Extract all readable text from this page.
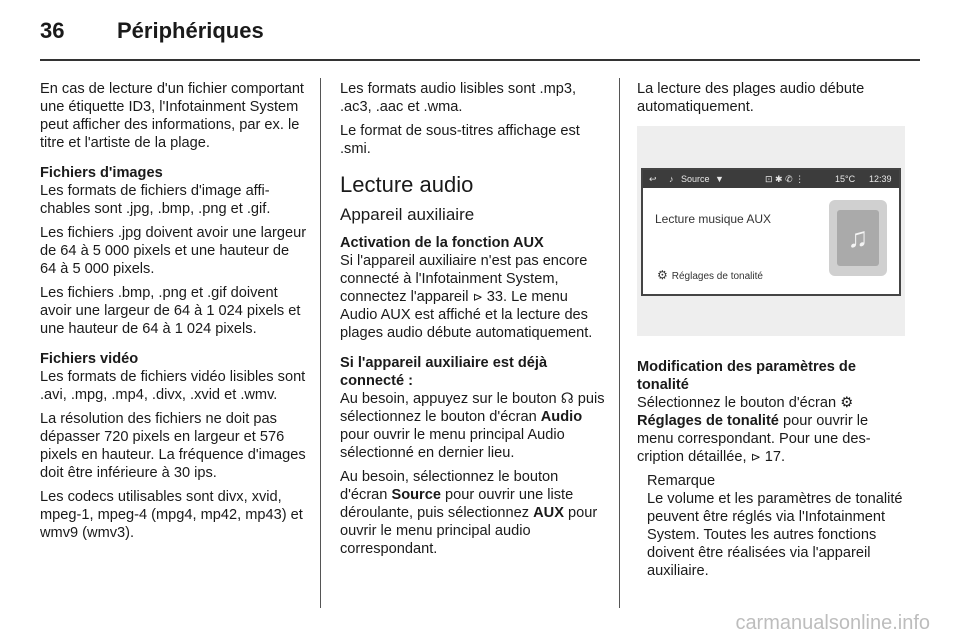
36 Périphériques

En cas de lecture d'un fichier comportant une étiquette ID3, l'Infotainment System peut afficher des informations, par ex. le titre et l'artiste de la plage.

Fichiers d'images

Les formats de fichiers d'image affichables sont .jpg, .bmp, .png et .gif.

Les fichiers .jpg doivent avoir une largeur de 64 à 5 000 pixels et une hauteur de 64 à 5 000 pixels.

Les fichiers .bmp, .png et .gif doivent avoir une largeur de 64 à 1 024 pixels et une hauteur de 64 à 1 024 pixels.

Fichiers vidéo

Les formats de fichiers vidéo lisibles sont .avi, .mpg, .mp4, .divx, .xvid et .wmv.

La résolution des fichiers ne doit pas dépasser 720 pixels en largeur et 576 pixels en hauteur. La fréquence d'images doit être inférieure à 30 ips.

Les codecs utilisables sont divx, xvid, mpeg-1, mpeg-4 (mpg4, mp42, mp43) et wmv9 (wmv3).

Les formats audio lisibles sont .mp3, .ac3, .aac et .wma.

Le format de sous-titres affichage est .smi.

Lecture audio

Appareil auxiliaire

Activation de la fonction AUX

Si l'appareil auxiliaire n'est pas encore connecté à l'Infotainment System, connectez l'appareil ⊳ 33. Le menu Audio AUX est affiché et la lecture des plages audio débute automatiquement.

Si l'appareil auxiliaire est déjà connecté :

Au besoin, appuyez sur le bouton ☊ puis sélectionnez le bouton d'écran Audio pour ouvrir le menu principal Audio sélectionné en dernier lieu.

Au besoin, sélectionnez le bouton d'écran Source pour ouvrir une liste déroulante, puis sélectionnez AUX pour ouvrir le menu principal audio correspondant.

La lecture des plages audio débute automatiquement.

↩ ♪ Source ▼	⊡ ✱ ✆ ⋮	15°C 12:39
Lecture musique AUX
♫
⚙ Réglages de tonalité

Modification des paramètres de tonalité

Sélectionnez le bouton d'écran ⚙ Réglages de tonalité pour ouvrir le menu correspondant. Pour une description détaillée, ⊳ 17.

Remarque

Le volume et les paramètres de tonalité peuvent être réglés via l'Infotainment System. Toutes les autres fonctions doivent être réalisées via l'appareil auxiliaire.

carmanualsonline.info
